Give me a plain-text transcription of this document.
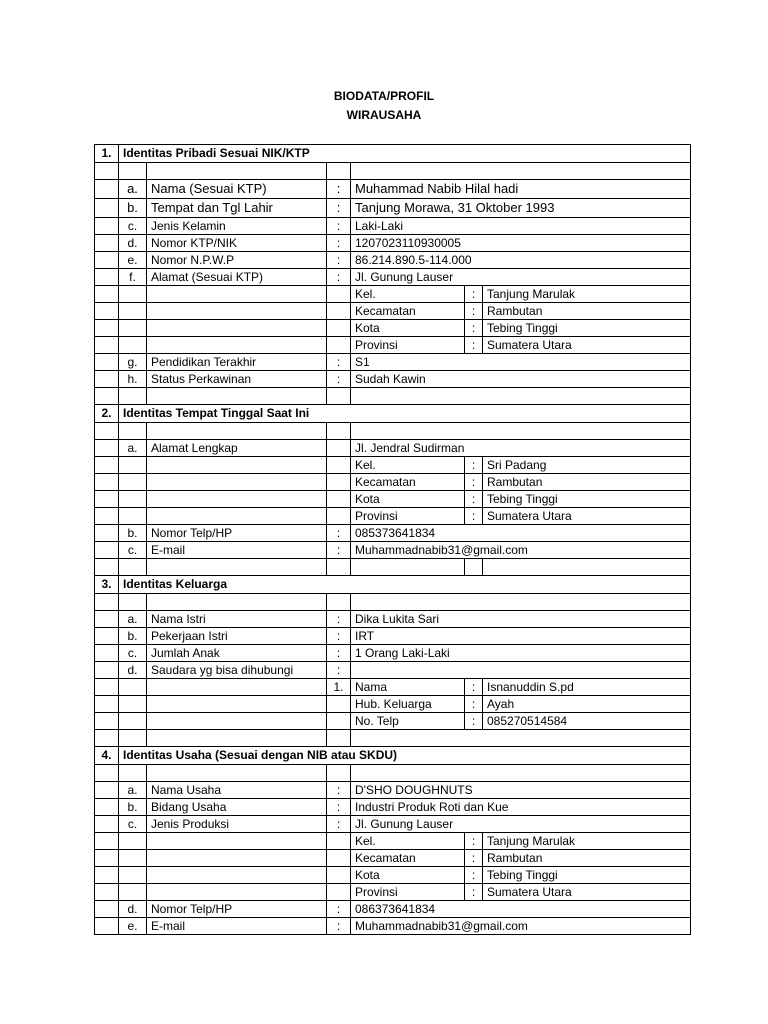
BIODATA/PROFIL
WIRAUSAHA
1.	Identitas Pribadi Sesuai NIK/KTP					

	a.	Nama (Sesuai KTP)	:	Muhammad Nabib Hilal hadi		
	b.	Tempat dan Tgl Lahir	:	Tanjung Morawa, 31 Oktober 1993		
	c.	Jenis Kelamin	:	Laki-Laki		
	d.	Nomor KTP/NIK	:	1207023110930005		
	e.	Nomor N.P.W.P	:	86.214.890.5-114.000		
	f.	Alamat (Sesuai KTP)	:	Jl. Gunung Lauser		
				Kel.	:	Tanjung Marulak
				Kecamatan	:	Rambutan
				Kota	:	Tebing Tinggi
				Provinsi	:	Sumatera Utara
	g.	Pendidikan Terakhir	:	S1		
	h.	Status Perkawinan	:	Sudah Kawin		

2.	Identitas Tempat Tinggal Saat Ini					

	a.	Alamat Lengkap		Jl. Jendral Sudirman		
				Kel.	:	Sri Padang
				Kecamatan	:	Rambutan
				Kota	:	Tebing Tinggi
				Provinsi	:	Sumatera Utara
	b.	Nomor Telp/HP	:	085373641834		
	c.	E-mail	:	Muhammadnabib31@gmail.com		

3.	Identitas Keluarga					

	a.	Nama Istri	:	Dika Lukita Sari		
	b.	Pekerjaan Istri	:	IRT		
	c.	Jumlah Anak	:	1 Orang Laki-Laki		
	d.	Saudara yg bisa dihubungi	:			
			1.	Nama	:	Isnanuddin S.pd
				Hub. Keluarga	:	Ayah
				No. Telp	:	085270514584

4.	Identitas Usaha (Sesuai dengan NIB atau SKDU)					

	a.	Nama Usaha	:	D'SHO DOUGHNUTS		
	b.	Bidang Usaha	:	Industri Produk Roti dan Kue		
	c.	Jenis Produksi	:	Jl. Gunung Lauser		
				Kel.	:	Tanjung Marulak
				Kecamatan	:	Rambutan
				Kota	:	Tebing Tinggi
				Provinsi	:	Sumatera Utara
	d.	Nomor Telp/HP	:	086373641834		
	e.	E-mail	:	Muhammadnabib31@gmail.com		
